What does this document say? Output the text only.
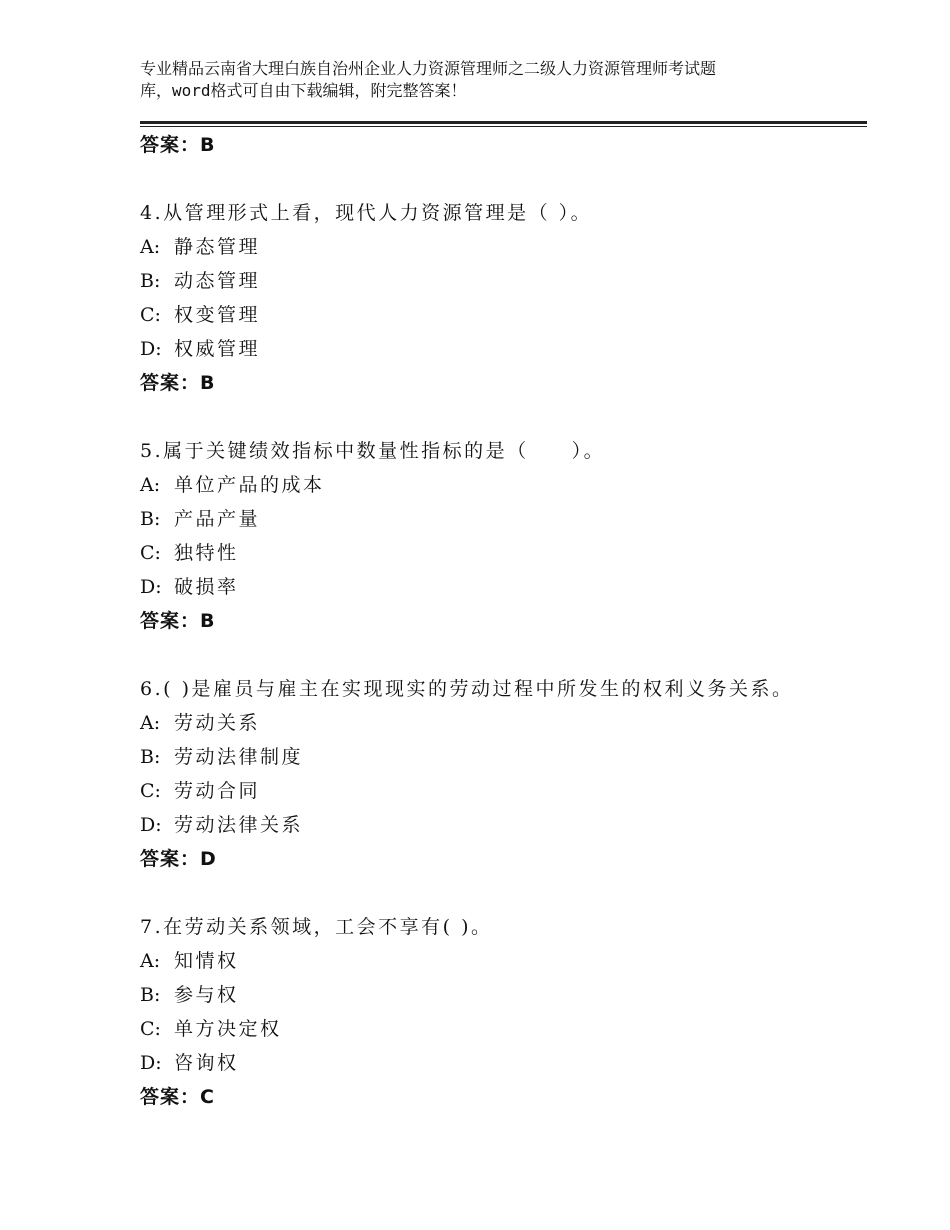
专业精品云南省大理白族自治州企业人力资源管理师之二级人力资源管理师考试题
库，word格式可自由下载编辑，附完整答案！
答案：B
4.从管理形式上看，现代人力资源管理是（ ）。
A: 静态管理
B: 动态管理
C: 权变管理
D: 权威管理
答案：B
5.属于关键绩效指标中数量性指标的是（　　）。
A: 单位产品的成本
B: 产品产量
C: 独特性
D: 破损率
答案：B
6.( )是雇员与雇主在实现现实的劳动过程中所发生的权利义务关系。
A: 劳动关系
B: 劳动法律制度
C: 劳动合同
D: 劳动法律关系
答案：D
7.在劳动关系领域，工会不享有( )。
A: 知情权
B: 参与权
C: 单方决定权
D: 咨询权
答案：C
